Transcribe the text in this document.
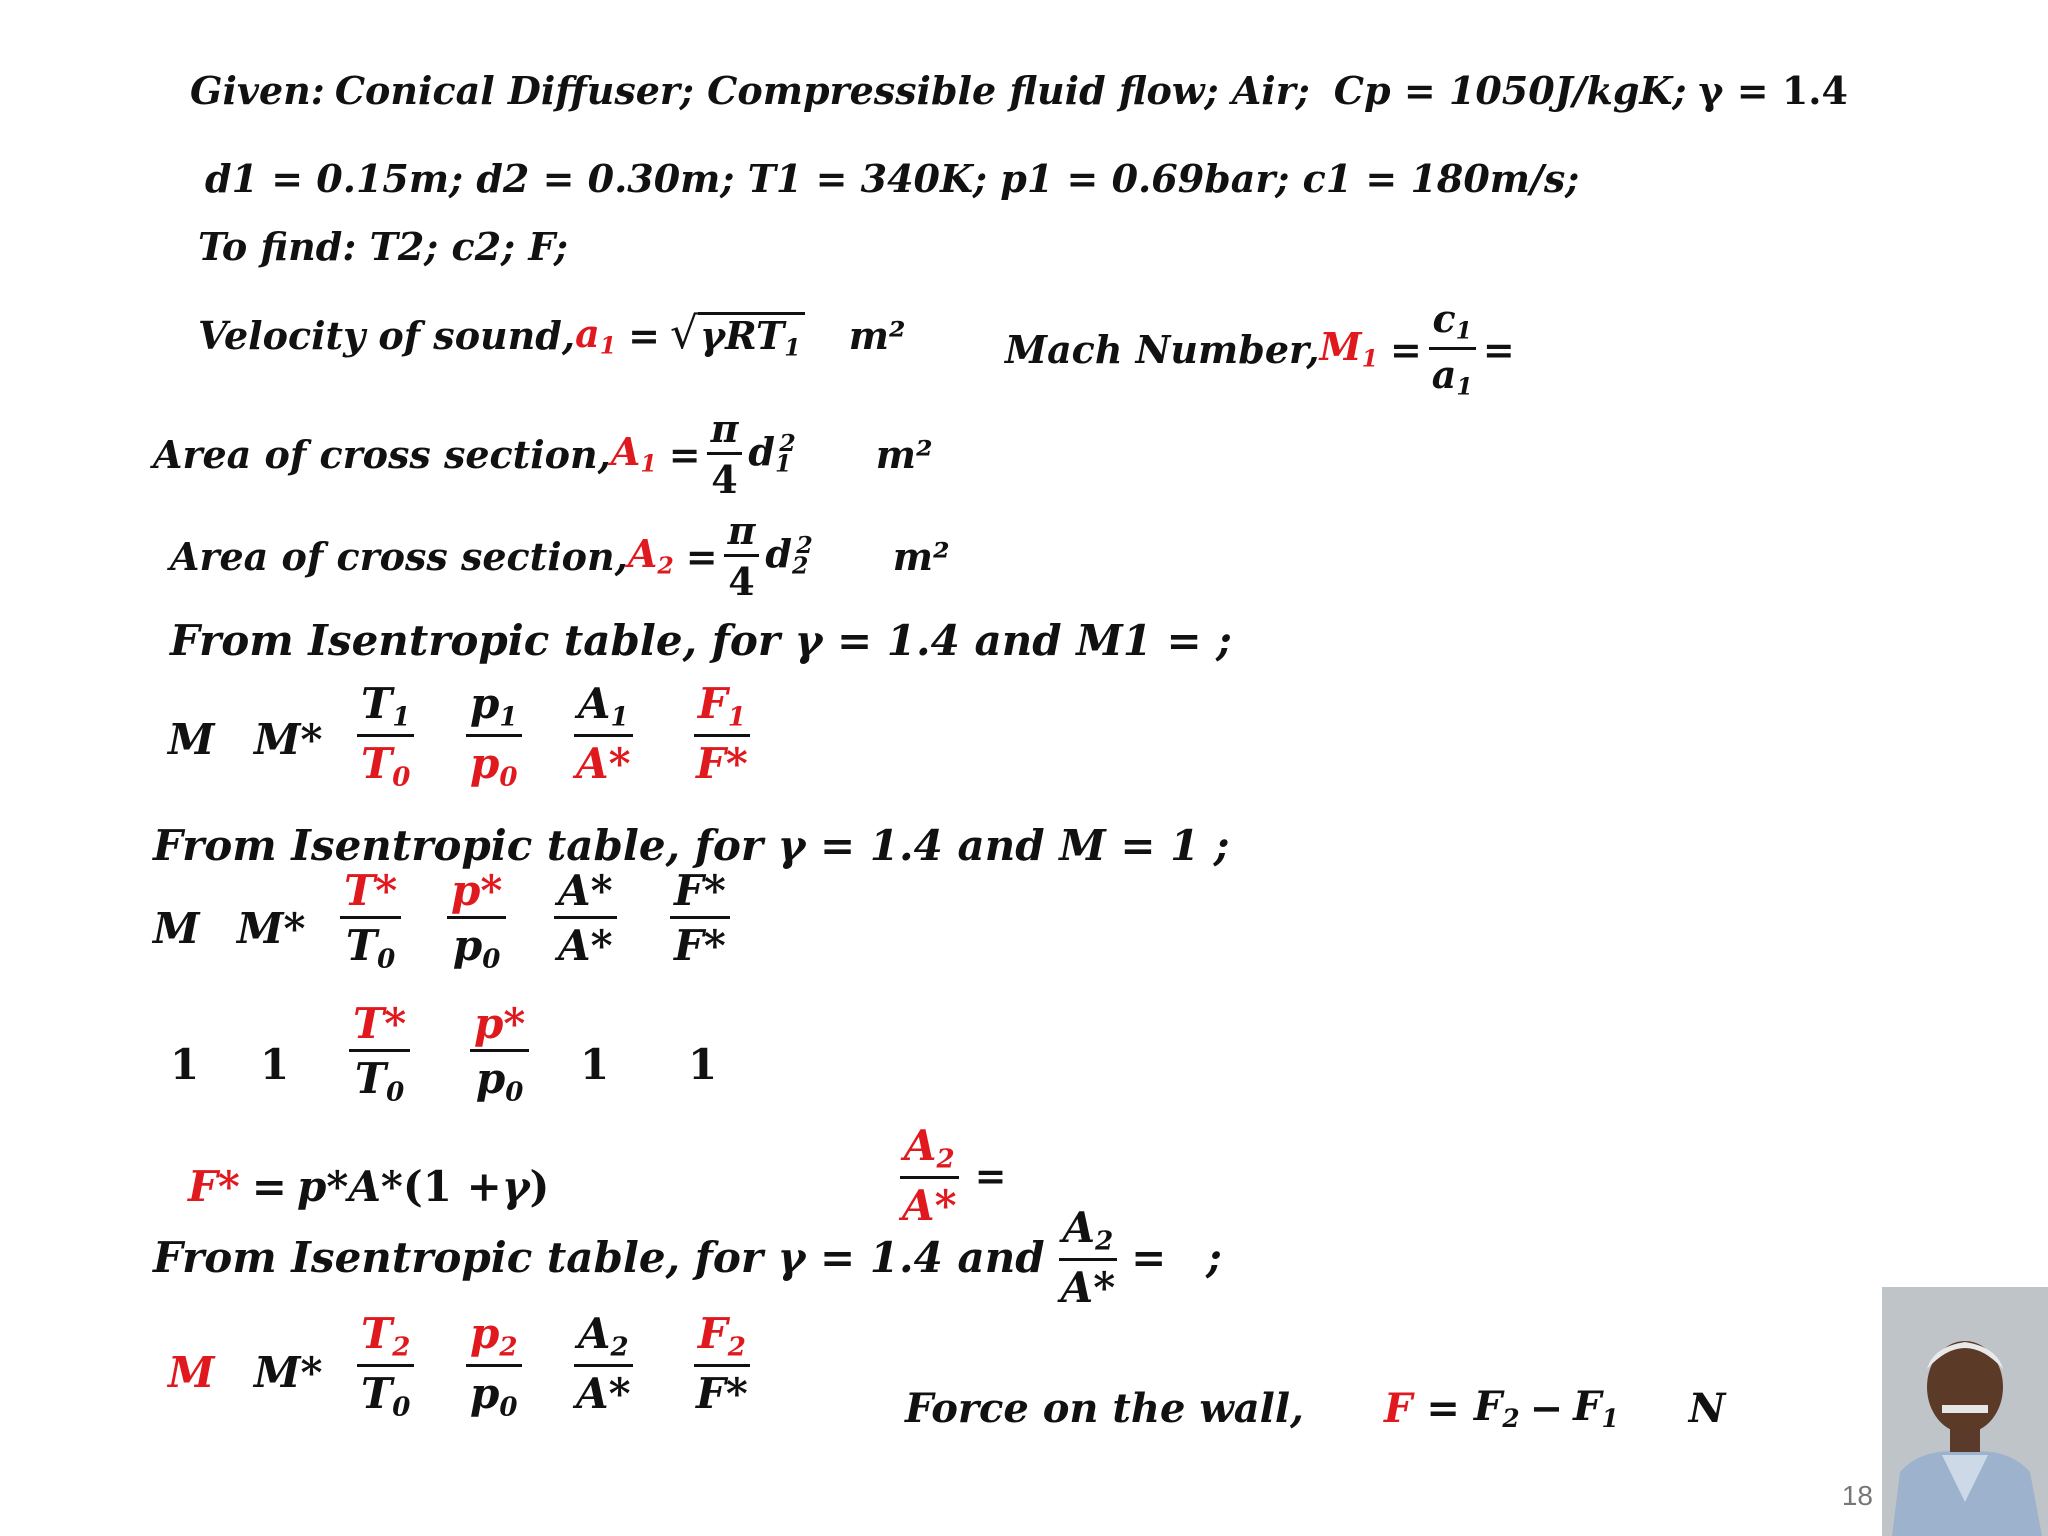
Given : Conical Diffuser; Compressible fluid flow; Air; Cp = 1050J/kgK; γ = 1.4
d1 = 0.15m; d2 = 0.30m; T1 = 340K; p1 = 0.69bar; c1 = 180m/s;
To find: T2; c2; F;
Velocity of sound, $a_1$ = √ γRT$_1$ m²	Mach Number, $M_1 = \frac{c_1}{a_1}$ =
Area of cross section, $A_1 = \frac{\pi}{4} d_1^2$ m²
Area of cross section, $A_2 = \frac{\pi}{4} d_2^2$ m²
From Isentropic table, for γ = 1.4 and M1 = ;
M $M* \frac{T_1}{T_0} \frac{p_1}{p_0} \frac{A_1}{A*} \frac{F_1}{F*}$
From Isentropic table, for γ = 1.4 and M = 1 ;
M $M* \frac{T*}{T_0} \frac{p*}{p_0} \frac{A*}{A*} \frac{F*}{F*}$
1 $1 \frac{T*}{T_0} \frac{p*}{p_0} 1$ 1
F* = p*A* (1 + γ )	$\frac{A_2}{A*}$ =
From Isentropic table, for γ = 1.4 and $\frac{A_2}{A*}$ = ;
M $M* \frac{T_2}{T_0} \frac{p_2}{p_0} \frac{A_2}{A*} \frac{F_2}{F*}$	Force on the wall, $F = F_2 - F_1$ N
18
